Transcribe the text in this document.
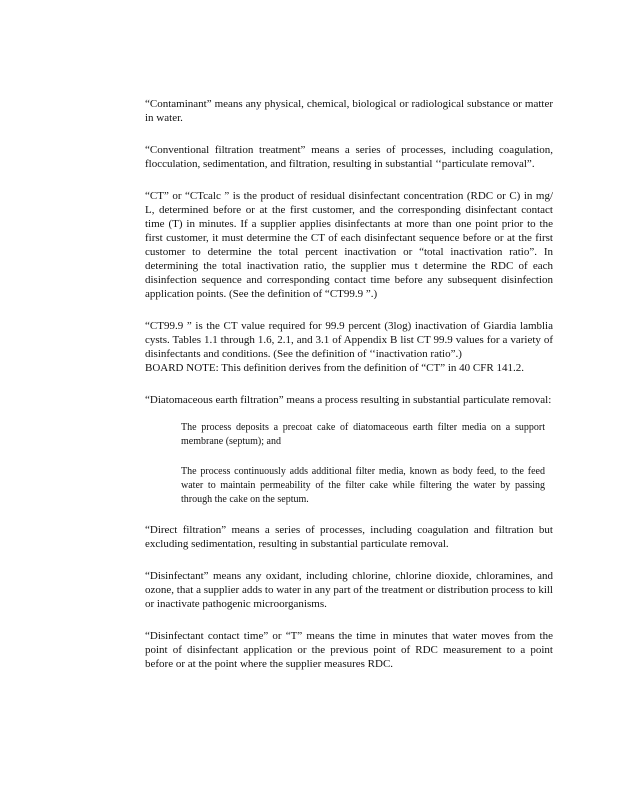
“Contaminant” means any physical, chemical, biological or radiological substance or matter in water.

“Conventional filtration treatment” means a series of processes, including coagulation, flocculation, sedimentation, and filtration, resulting in substantial ‘‘particulate removal”.

“CT” or “CTcalc ” is the product of residual disinfectant concentration (RDC or C) in mg/ L, determined before or at the first customer, and the corresponding disinfectant contact time (T) in minutes. If a supplier applies disinfectants at more than one point prior to the first customer, it must determine the CT of each disinfectant sequence before or at the first customer to determine the total percent inactivation or “total inactivation ratio”. In determining the total inactivation ratio, the supplier mus t determine the RDC of each disinfection sequence and corresponding contact time before any subsequent disinfection application points. (See the definition of “CT99.9 ”.)

“CT99.9 ” is the CT value required for 99.9 percent (3log) inactivation of Giardia lamblia cysts. Tables 1.1 through 1.6, 2.1, and 3.1 of Appendix B list CT 99.9 values for a variety of disinfectants and conditions. (See the definition of ‘‘inactivation ratio”.)

BOARD NOTE: This definition derives from the definition of “CT” in 40 CFR 141.2.

“Diatomaceous earth filtration” means a process resulting in substantial particulate removal:

The process deposits a precoat cake of diatomaceous earth filter media on a support membrane (septum); and

The process continuously adds additional filter media, known as body feed, to the feed water to maintain permeability of the filter cake while filtering the water by passing through the cake on the septum.

“Direct filtration” means a series of processes, including coagulation and filtration but excluding sedimentation, resulting in substantial particulate removal.

“Disinfectant” means any oxidant, including chlorine, chlorine dioxide, chloramines, and ozone, that a supplier adds to water in any part of the treatment or distribution process to kill or inactivate pathogenic microorganisms.

“Disinfectant contact time” or “T” means the time in minutes that water moves from the point of disinfectant application or the previous point of RDC measurement to a point before or at the point where the supplier measures RDC.
